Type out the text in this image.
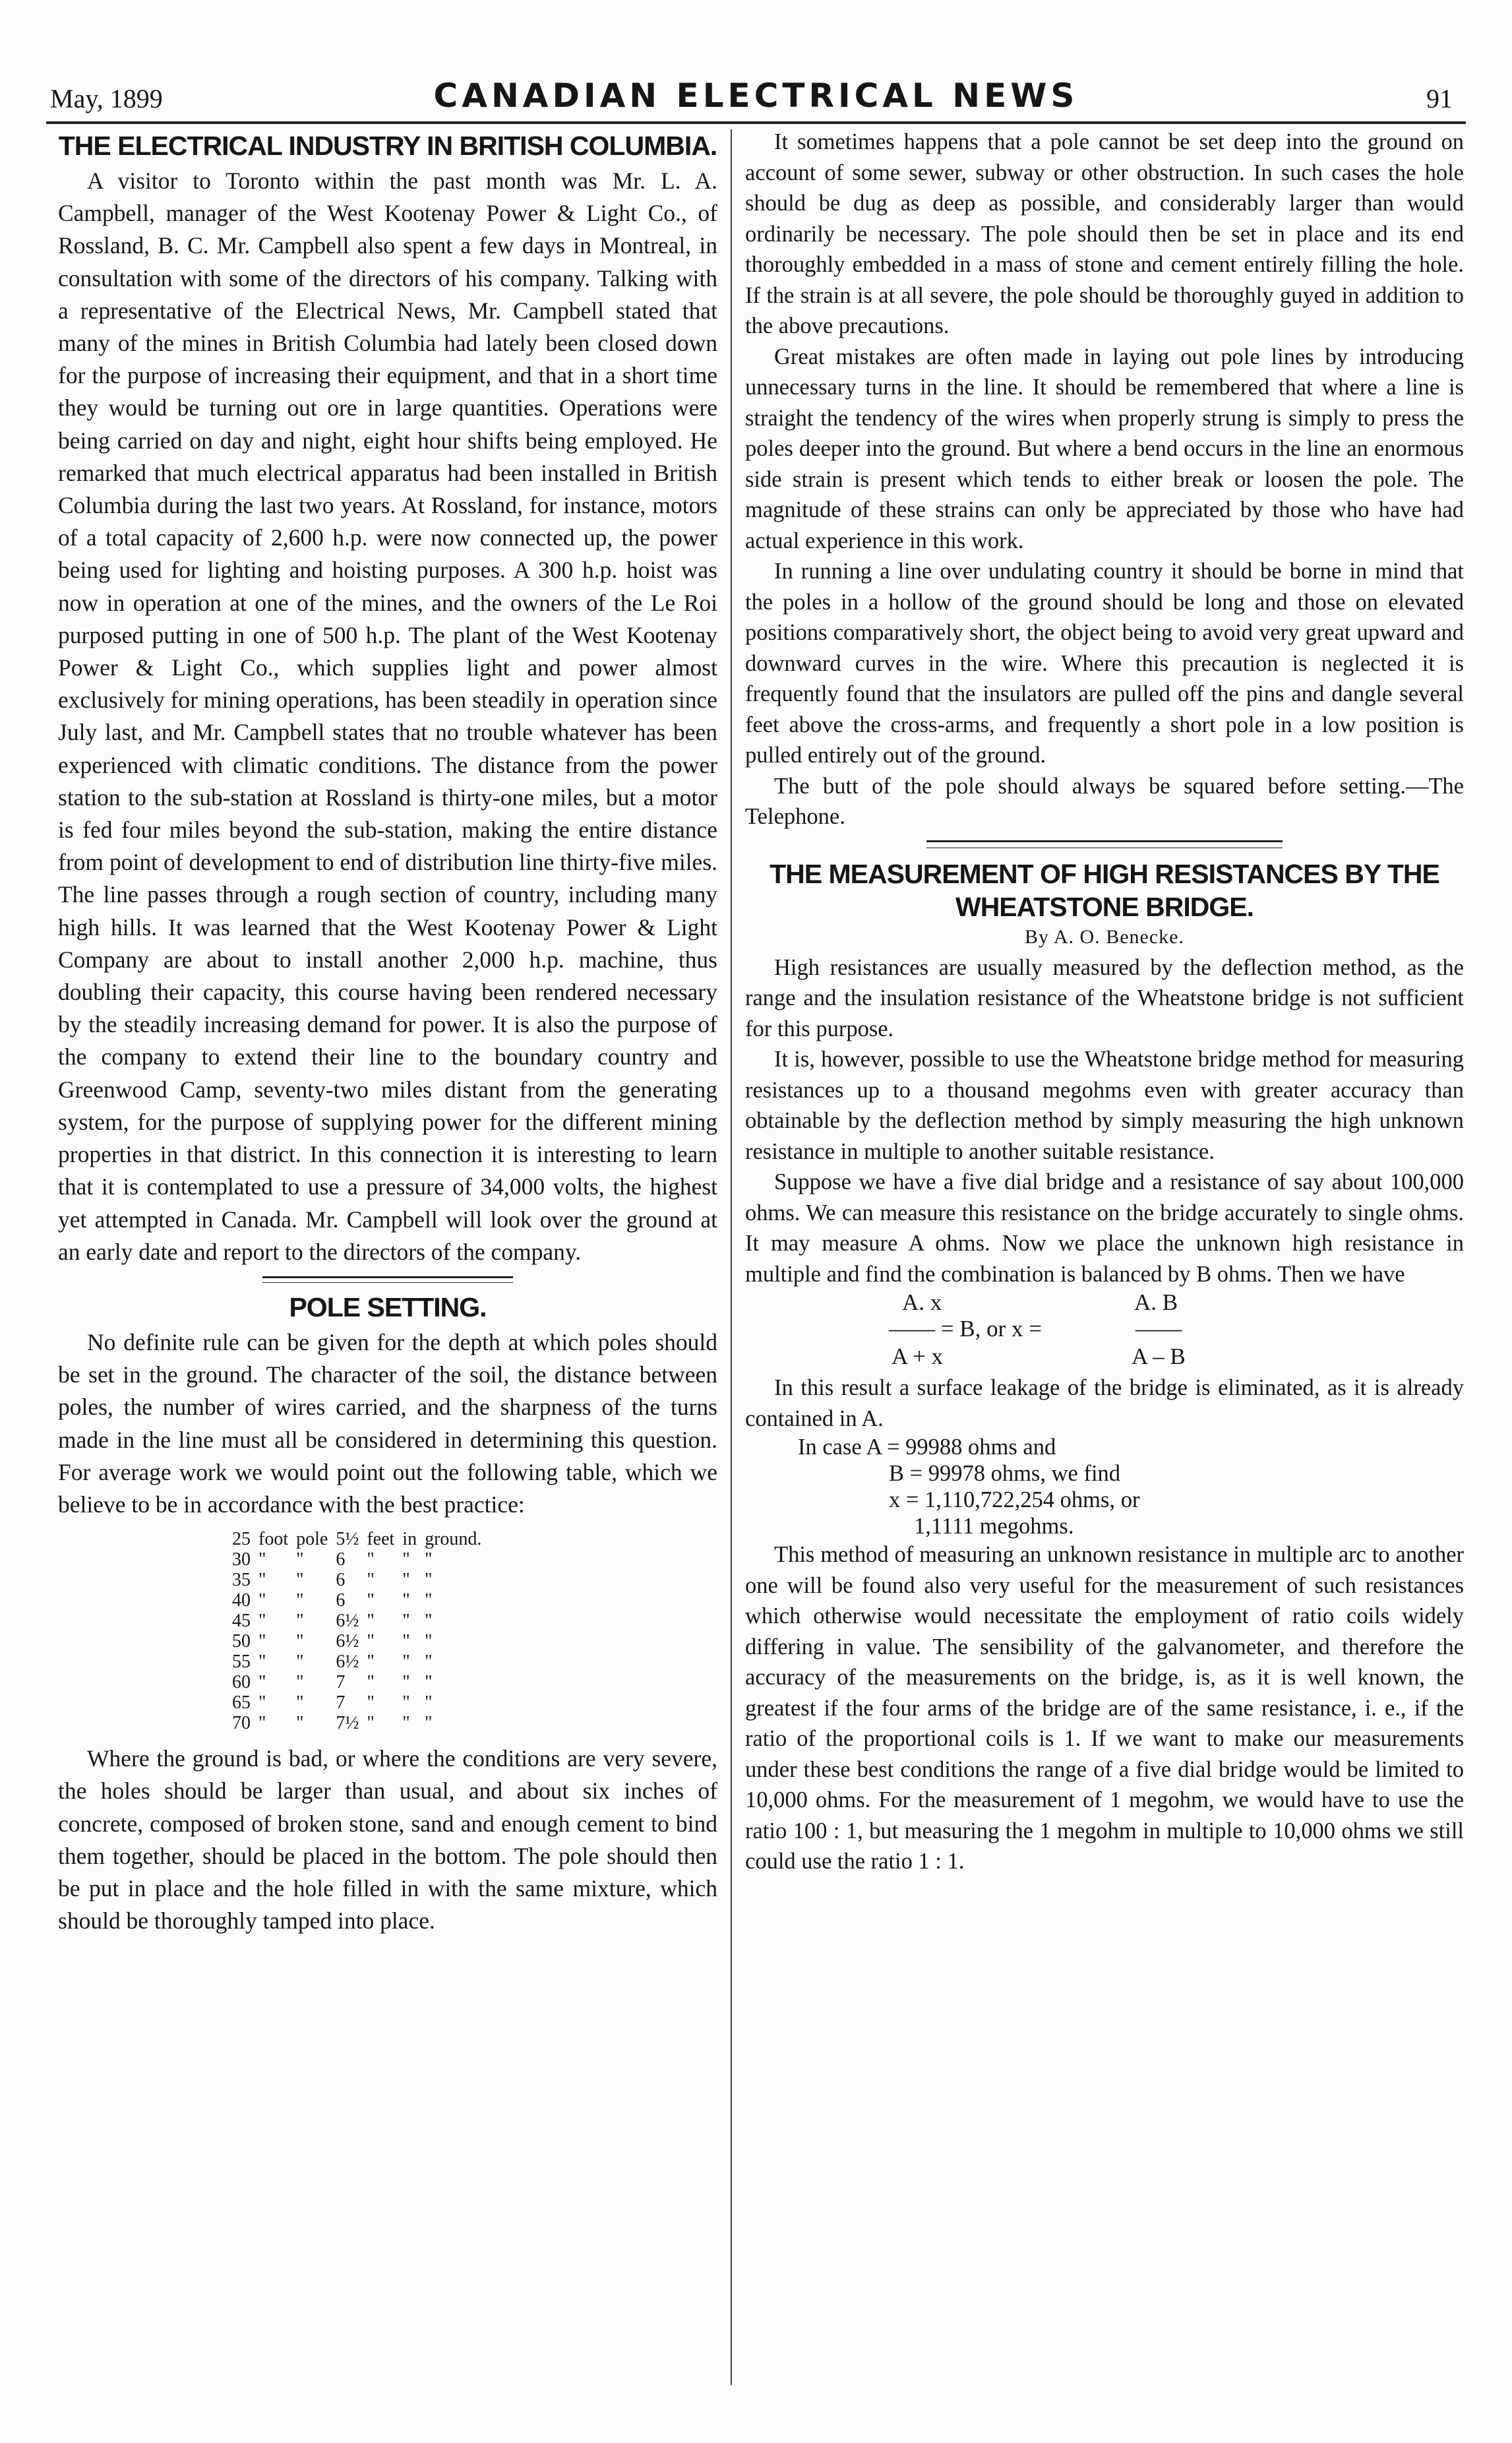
May, 1899	CANADIAN ELECTRICAL NEWS	91
THE ELECTRICAL INDUSTRY IN BRITISH COLUMBIA.

A visitor to Toronto within the past month was Mr. L. A. Campbell, manager of the West Kootenay Power & Light Co., of Rossland, B. C. Mr. Campbell also spent a few days in Montreal, in consultation with some of the directors of his company. Talking with a representative of the Electrical News, Mr. Campbell stated that many of the mines in British Columbia had lately been closed down for the purpose of increasing their equipment, and that in a short time they would be turning out ore in large quantities. Operations were being carried on day and night, eight hour shifts being employed. He remarked that much electrical apparatus had been installed in British Columbia during the last two years. At Rossland, for instance, motors of a total capacity of 2,600 h.p. were now connected up, the power being used for lighting and hoisting purposes. A 300 h.p. hoist was now in operation at one of the mines, and the owners of the Le Roi purposed putting in one of 500 h.p. The plant of the West Kootenay Power & Light Co., which supplies light and power almost exclusively for mining operations, has been steadily in operation since July last, and Mr. Campbell states that no trouble whatever has been experienced with climatic conditions. The distance from the power station to the sub-station at Rossland is thirty-one miles, but a motor is fed four miles beyond the sub-station, making the entire distance from point of development to end of distribution line thirty-five miles. The line passes through a rough section of country, including many high hills. It was learned that the West Kootenay Power & Light Company are about to install another 2,000 h.p. machine, thus doubling their capacity, this course having been rendered necessary by the steadily increasing demand for power. It is also the purpose of the company to extend their line to the boundary country and Greenwood Camp, seventy-two miles distant from the generating system, for the purpose of supplying power for the different mining properties in that district. In this connection it is interesting to learn that it is contemplated to use a pressure of 34,000 volts, the highest yet attempted in Canada. Mr. Campbell will look over the ground at an early date and report to the directors of the company.

POLE SETTING.

No definite rule can be given for the depth at which poles should be set in the ground. The character of the soil, the distance between poles, the number of wires carried, and the sharpness of the turns made in the line must all be considered in determining this question. For average work we would point out the following table, which we believe to be in accordance with the best practice:

25	foot	pole	5½	feet	in	ground.
30	"	"	6	"	"	"
35	"	"	6	"	"	"
40	"	"	6	"	"	"
45	"	"	6½	"	"	"
50	"	"	6½	"	"	"
55	"	"	6½	"	"	"
60	"	"	7	"	"	"
65	"	"	7	"	"	"
70	"	"	7½	"	"	"

Where the ground is bad, or where the conditions are very severe, the holes should be larger than usual, and about six inches of concrete, composed of broken stone, sand and enough cement to bind them together, should be placed in the bottom. The pole should then be put in place and the hole filled in with the same mixture, which should be thoroughly tamped into place.

It sometimes happens that a pole cannot be set deep into the ground on account of some sewer, subway or other obstruction. In such cases the hole should be dug as deep as possible, and considerably larger than would ordinarily be necessary. The pole should then be set in place and its end thoroughly embedded in a mass of stone and cement entirely filling the hole. If the strain is at all severe, the pole should be thoroughly guyed in addition to the above precautions.

Great mistakes are often made in laying out pole lines by introducing unnecessary turns in the line. It should be remembered that where a line is straight the tendency of the wires when properly strung is simply to press the poles deeper into the ground. But where a bend occurs in the line an enormous side strain is present which tends to either break or loosen the pole. The magnitude of these strains can only be appreciated by those who have had actual experience in this work.

In running a line over undulating country it should be borne in mind that the poles in a hollow of the ground should be long and those on elevated positions comparatively short, the object being to avoid very great upward and downward curves in the wire. Where this precaution is neglected it is frequently found that the insulators are pulled off the pins and dangle several feet above the cross-arms, and frequently a short pole in a low position is pulled entirely out of the ground.

The butt of the pole should always be squared before setting.—The Telephone.

THE MEASUREMENT OF HIGH RESISTANCES BY THE WHEATSTONE BRIDGE.
By A. O. Benecke.

High resistances are usually measured by the deflection method, as the range and the insulation resistance of the Wheatstone bridge is not sufficient for this purpose.

It is, however, possible to use the Wheatstone bridge method for measuring resistances up to a thousand megohms even with greater accuracy than obtainable by the deflection method by simply measuring the high unknown resistance in multiple to another suitable resistance.

Suppose we have a five dial bridge and a resistance of say about 100,000 ohms. We can measure this resistance on the bridge accurately to single ohms. It may measure A ohms. Now we place the unknown high resistance in multiple and find the combination is balanced by B ohms. Then we have

A. x
—— = B, or x =
A + x
A. B
——
A – B

In this result a surface leakage of the bridge is eliminated, as it is already contained in A.

In case A = 99988 ohms and
B = 99978 ohms, we find
x = 1,110,722,254 ohms, or
1,1111 megohms.

This method of measuring an unknown resistance in multiple arc to another one will be found also very useful for the measurement of such resistances which otherwise would necessitate the employment of ratio coils widely differing in value. The sensibility of the galvanometer, and therefore the accuracy of the measurements on the bridge, is, as it is well known, the greatest if the four arms of the bridge are of the same resistance, i. e., if the ratio of the proportional coils is 1. If we want to make our measurements under these best conditions the range of a five dial bridge would be limited to 10,000 ohms. For the measurement of 1 megohm, we would have to use the ratio 100 : 1, but measuring the 1 megohm in multiple to 10,000 ohms we still could use the ratio 1 : 1.
